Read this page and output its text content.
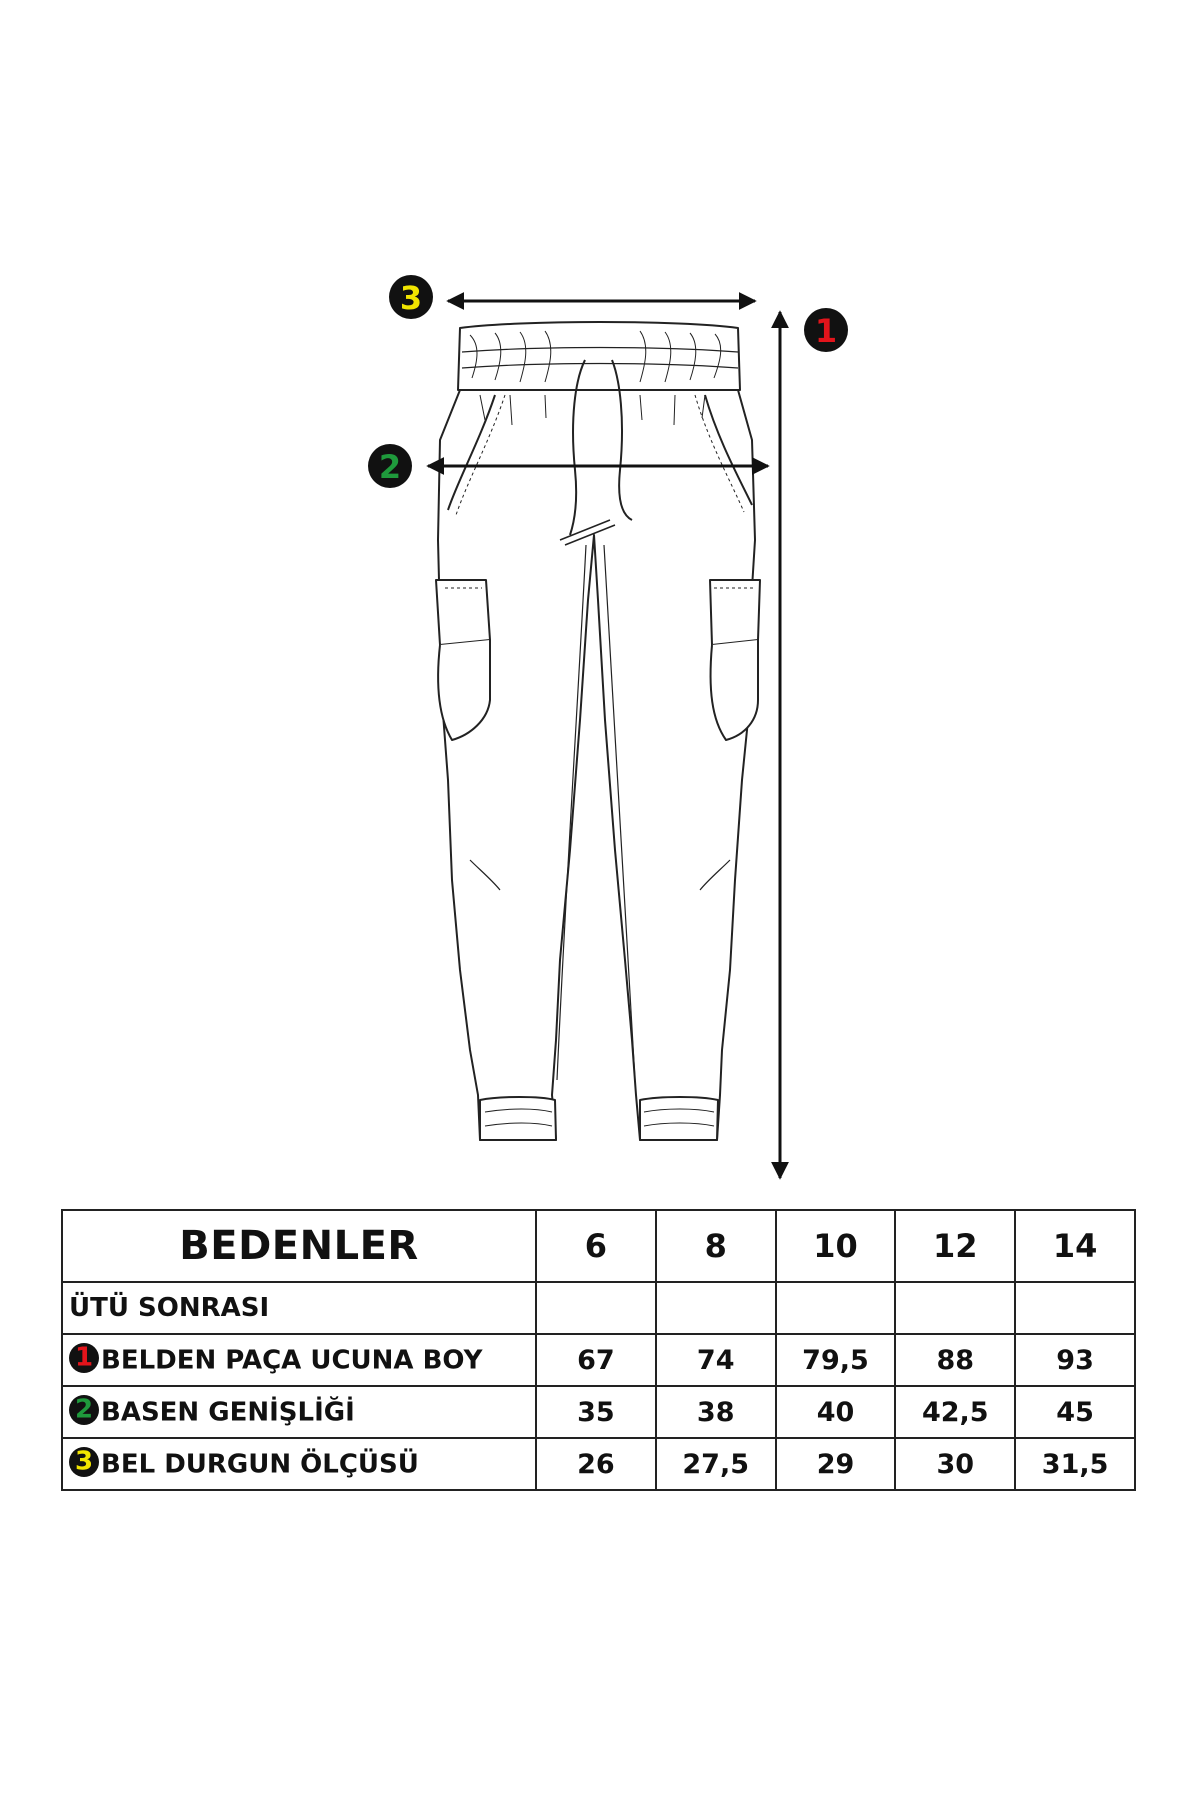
3
2
1
BEDENLER	6	8	10	12	14
ÜTÜ SONRASI					

1 BELDEN PAÇA UCUNA BOY	67	74	79,5	88	93

2 BASEN GENİŞLİĞİ	35	38	40	42,5	45

3 BEL DURGUN ÖLÇÜSÜ	26	27,5	29	30	31,5
